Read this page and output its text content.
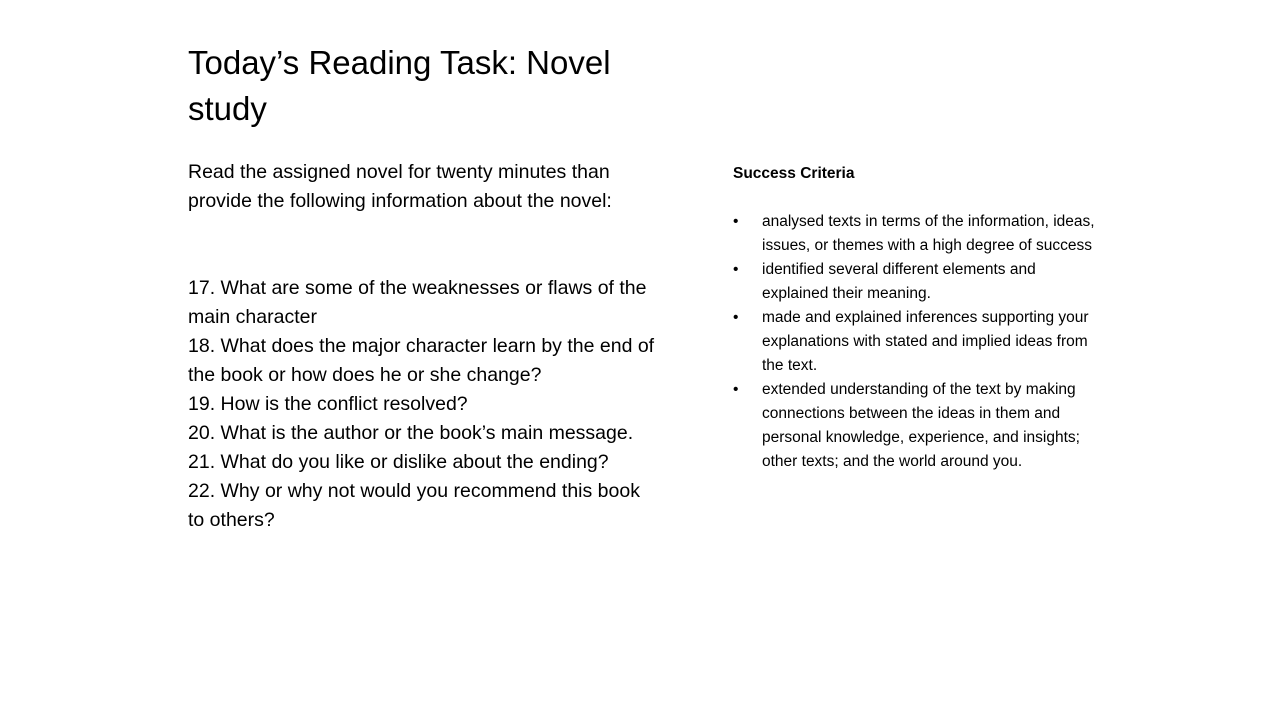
Today’s Reading Task: Novel study

Read the assigned novel for twenty minutes than provide the following information about the novel:

17. What are some of the weaknesses or flaws of the main character

18. What does the major character learn by the end of the book or how does he or she change?

19. How is the conflict resolved?

20. What is the author or the book’s main message.

21. What do you like or dislike about the ending?

22. Why or why not would you recommend this book to others?

Success Criteria

• analysed texts in terms of the information, ideas, issues, or themes with a high degree of success
• identified several different elements and explained their meaning.
• made and explained inferences supporting your explanations with stated and implied ideas from the text.
• extended understanding of the text by making connections between the ideas in them and personal knowledge, experience, and insights; other texts; and the world around you.
